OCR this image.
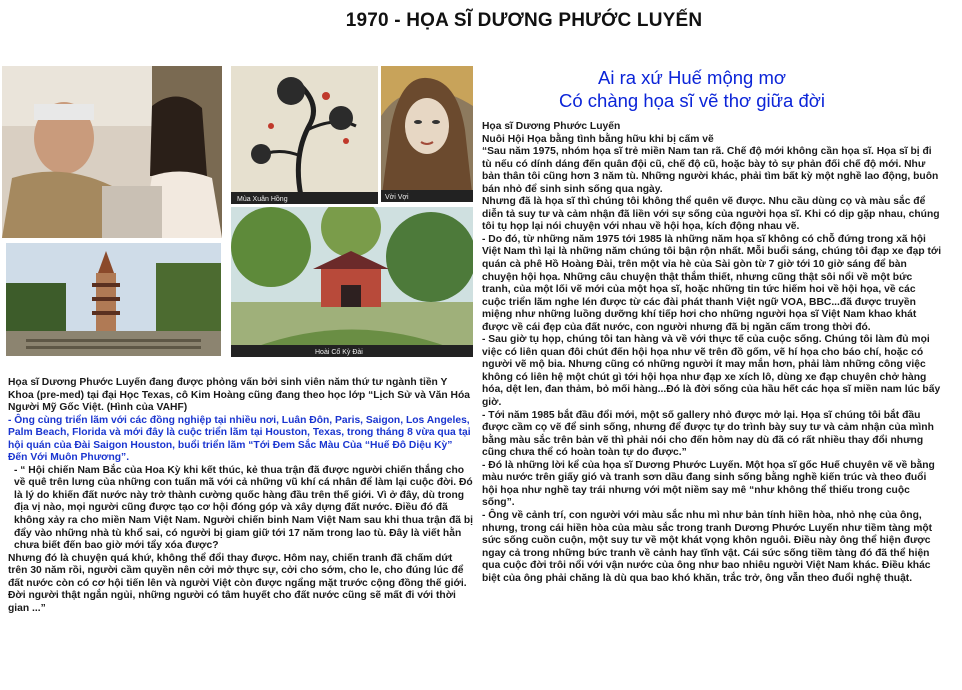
1970 - HỌA SĨ DƯƠNG PHƯỚC LUYẾN
Mùa Xuân Hồng	Vời Vợi
Hoài Cổ Kỳ Đài
Ai ra xứ Huế mộng mơ
Có chàng họa sĩ vẽ thơ giữa đời

Họa sĩ Dương Phước Luyến

Nuôi Hội Họa bằng tình bằng hữu khi bị cấm vẽ

“Sau năm 1975, nhóm họa sĩ trẻ miền Nam tan rã. Chế độ mới không cần họa sĩ. Họa sĩ bị đi tù nếu có dính dáng đến quân đội cũ, chế độ cũ, hoặc bày tỏ sự phản đối chế độ mới. Như bản thân tôi cũng hơn 3 năm tù. Những người khác, phải tìm bất kỳ một nghề lao động, buôn bán nhỏ để sinh sinh sống qua ngày.

Nhưng đã là họa sĩ thì chúng tôi không thể quên vẽ được. Nhu cầu dùng cọ và màu sắc để diễn tả suy tư và cảm nhận đã liền với sự sống của người họa sĩ. Khi có dịp gặp nhau, chúng tôi tụ họp lại nói chuyện với nhau về hội họa, kích động nhau vẽ.

- Do đó, từ những năm 1975 tới 1985 là những năm họa sĩ không có chỗ đứng trong xã hội Việt Nam thì lại là những năm chúng tôi bận rộn nhất. Mỗi buổi sáng, chúng tôi đạp xe đạp tới quán cà phê Hồ Hoàng Đài, trên một vỉa hè của Sài gòn từ 7 giờ tới 10 giờ sáng để bàn chuyện hội họa. Những câu chuyện thật thắm thiết, nhưng cũng thật sôi nổi về một bức tranh, của một lối vẽ mới của một họa sĩ, hoặc những tin tức hiếm hoi về hội họa, về các cuộc triển lãm nghe lén được từ các đài phát thanh Việt ngữ VOA, BBC...đã được truyền miệng như những luồng dưỡng khí tiếp hơi cho những người họa sĩ Việt Nam khao khát được về cái đẹp của đất nước, con người nhưng đã bị ngăn cấm trong thời đó.

- Sau giờ tụ họp, chúng tôi tan hàng và về với thực tế của cuộc sống. Chúng tôi làm đủ mọi việc có liên quan đôi chút đến hội họa như vẽ trên đồ gốm, vẽ hí họa cho báo chí, hoặc có người vẽ mộ bia. Nhưng cũng có những người ít may mắn hơn, phải làm những công việc không có liên hệ một chút gì tới hội họa như đạp xe xích lô, dùng xe đạp chuyên chở hàng hóa, dệt len, đan thảm, bỏ mối hàng...Đó là đời sống của hầu hết các họa sĩ miền nam lúc bấy giờ.

- Tới năm 1985 bắt đầu đổi mới, một số gallery nhỏ được mở lại. Họa sĩ chúng tôi bắt đầu được cầm cọ vẽ để sinh sống, nhưng để được tự do trình bày suy tư và cảm nhận của mình bằng màu sắc trên bản vẽ thì phải nói cho đến hôm nay dù đã có rất nhiều thay đổi nhưng cũng chưa thể có hoàn toàn tự do được.”

- Đó là những lời kể của họa sĩ Dương Phước Luyến. Một họa sĩ gốc Huế chuyên vẽ về bằng màu nước trên giấy gió và tranh sơn dầu đang sinh sống bằng nghề kiến trúc và theo đuổi hội họa như nghề tay trái nhưng với một niềm say mê “như không thể thiếu trong cuộc sống”.

- Ông về cảnh trí, con người với màu sắc nhu mì như bản tính hiền hòa, nhỏ nhẹ của ông, nhưng, trong cái hiền hòa của màu sắc trong tranh Dương Phước Luyến như tiềm tàng một sức sống cuồn cuộn, một suy tư về một khát vọng khôn nguôi. Điều này ông thể hiện được ngay cả trong những bức tranh về cảnh hay tĩnh vật. Cái sức sống tiềm tàng đó đã thể hiện qua cuộc đời trôi nổi với vận nước của ông như bao nhiêu người Việt Nam khác. Điều khác biệt của ông phải chăng là dù qua bao khó khăn, trắc trở, ông vẫn theo đuổi nghệ thuật.

Họa sĩ Dương Phước Luyến đang được phỏng vấn bởi sinh viên năm thứ tư ngành tiền Y Khoa (pre-med) tại đại Học Texas, cô Kim Hoàng cũng đang theo học lớp “Lịch Sử và Văn Hóa Người Mỹ Gốc Việt. (Hình của VAHF)

- Ông cùng triển lãm với các đồng nghiệp tại nhiều nơi, Luân Đôn, Paris, Saigon, Los Angeles, Palm Beach, Florida và mới đây là cuộc triển lãm tại Houston, Texas, trong tháng 8 vừa qua tại hội quán của Đài Saigon Houston, buổi triển lãm “Tới Đem Sắc Màu Của “Huế Đô Diệu Kỳ” Đến Với Muôn Phương”.

- “ Hội chiến Nam Bắc của Hoa Kỳ khi kết thúc, kẻ thua trận đã được người chiến thắng cho về quê trên lưng của những con tuấn mã với cả những vũ khí cá nhân để làm lại cuộc đời. Đó là lý do khiến đất nước này trở thành cường quốc hàng đầu trên thế giới. Vì ở đây, dù trong địa vị nào, mọi người cũng được tạo cơ hội đóng góp và xây dựng đất nước. Điều đó đã không xảy ra cho miền Nam Việt Nam. Người chiến binh Nam Việt Nam sau khi thua trận đã bị đẩy vào những nhà tù khổ sai, có người bị giam giữ tới 17 năm trong lao tù. Đây là viết hằn chưa biết đến bao giờ mới tẩy xóa được?

Nhưng đó là chuyện quá khứ, không thể đổi thay được. Hôm nay, chiến tranh đã chấm dứt trên 30 năm rồi, người cầm quyền nên cởi mở thực sự, cởi cho sớm, cho le, cho đúng lúc để đất nước còn có cơ hội tiến lên và người Việt còn được ngẩng mặt trước cộng đồng thế giới. Đời người thật ngắn ngủi, những người có tâm huyết cho đất nước cũng sẽ mất đi với thời gian ...”
